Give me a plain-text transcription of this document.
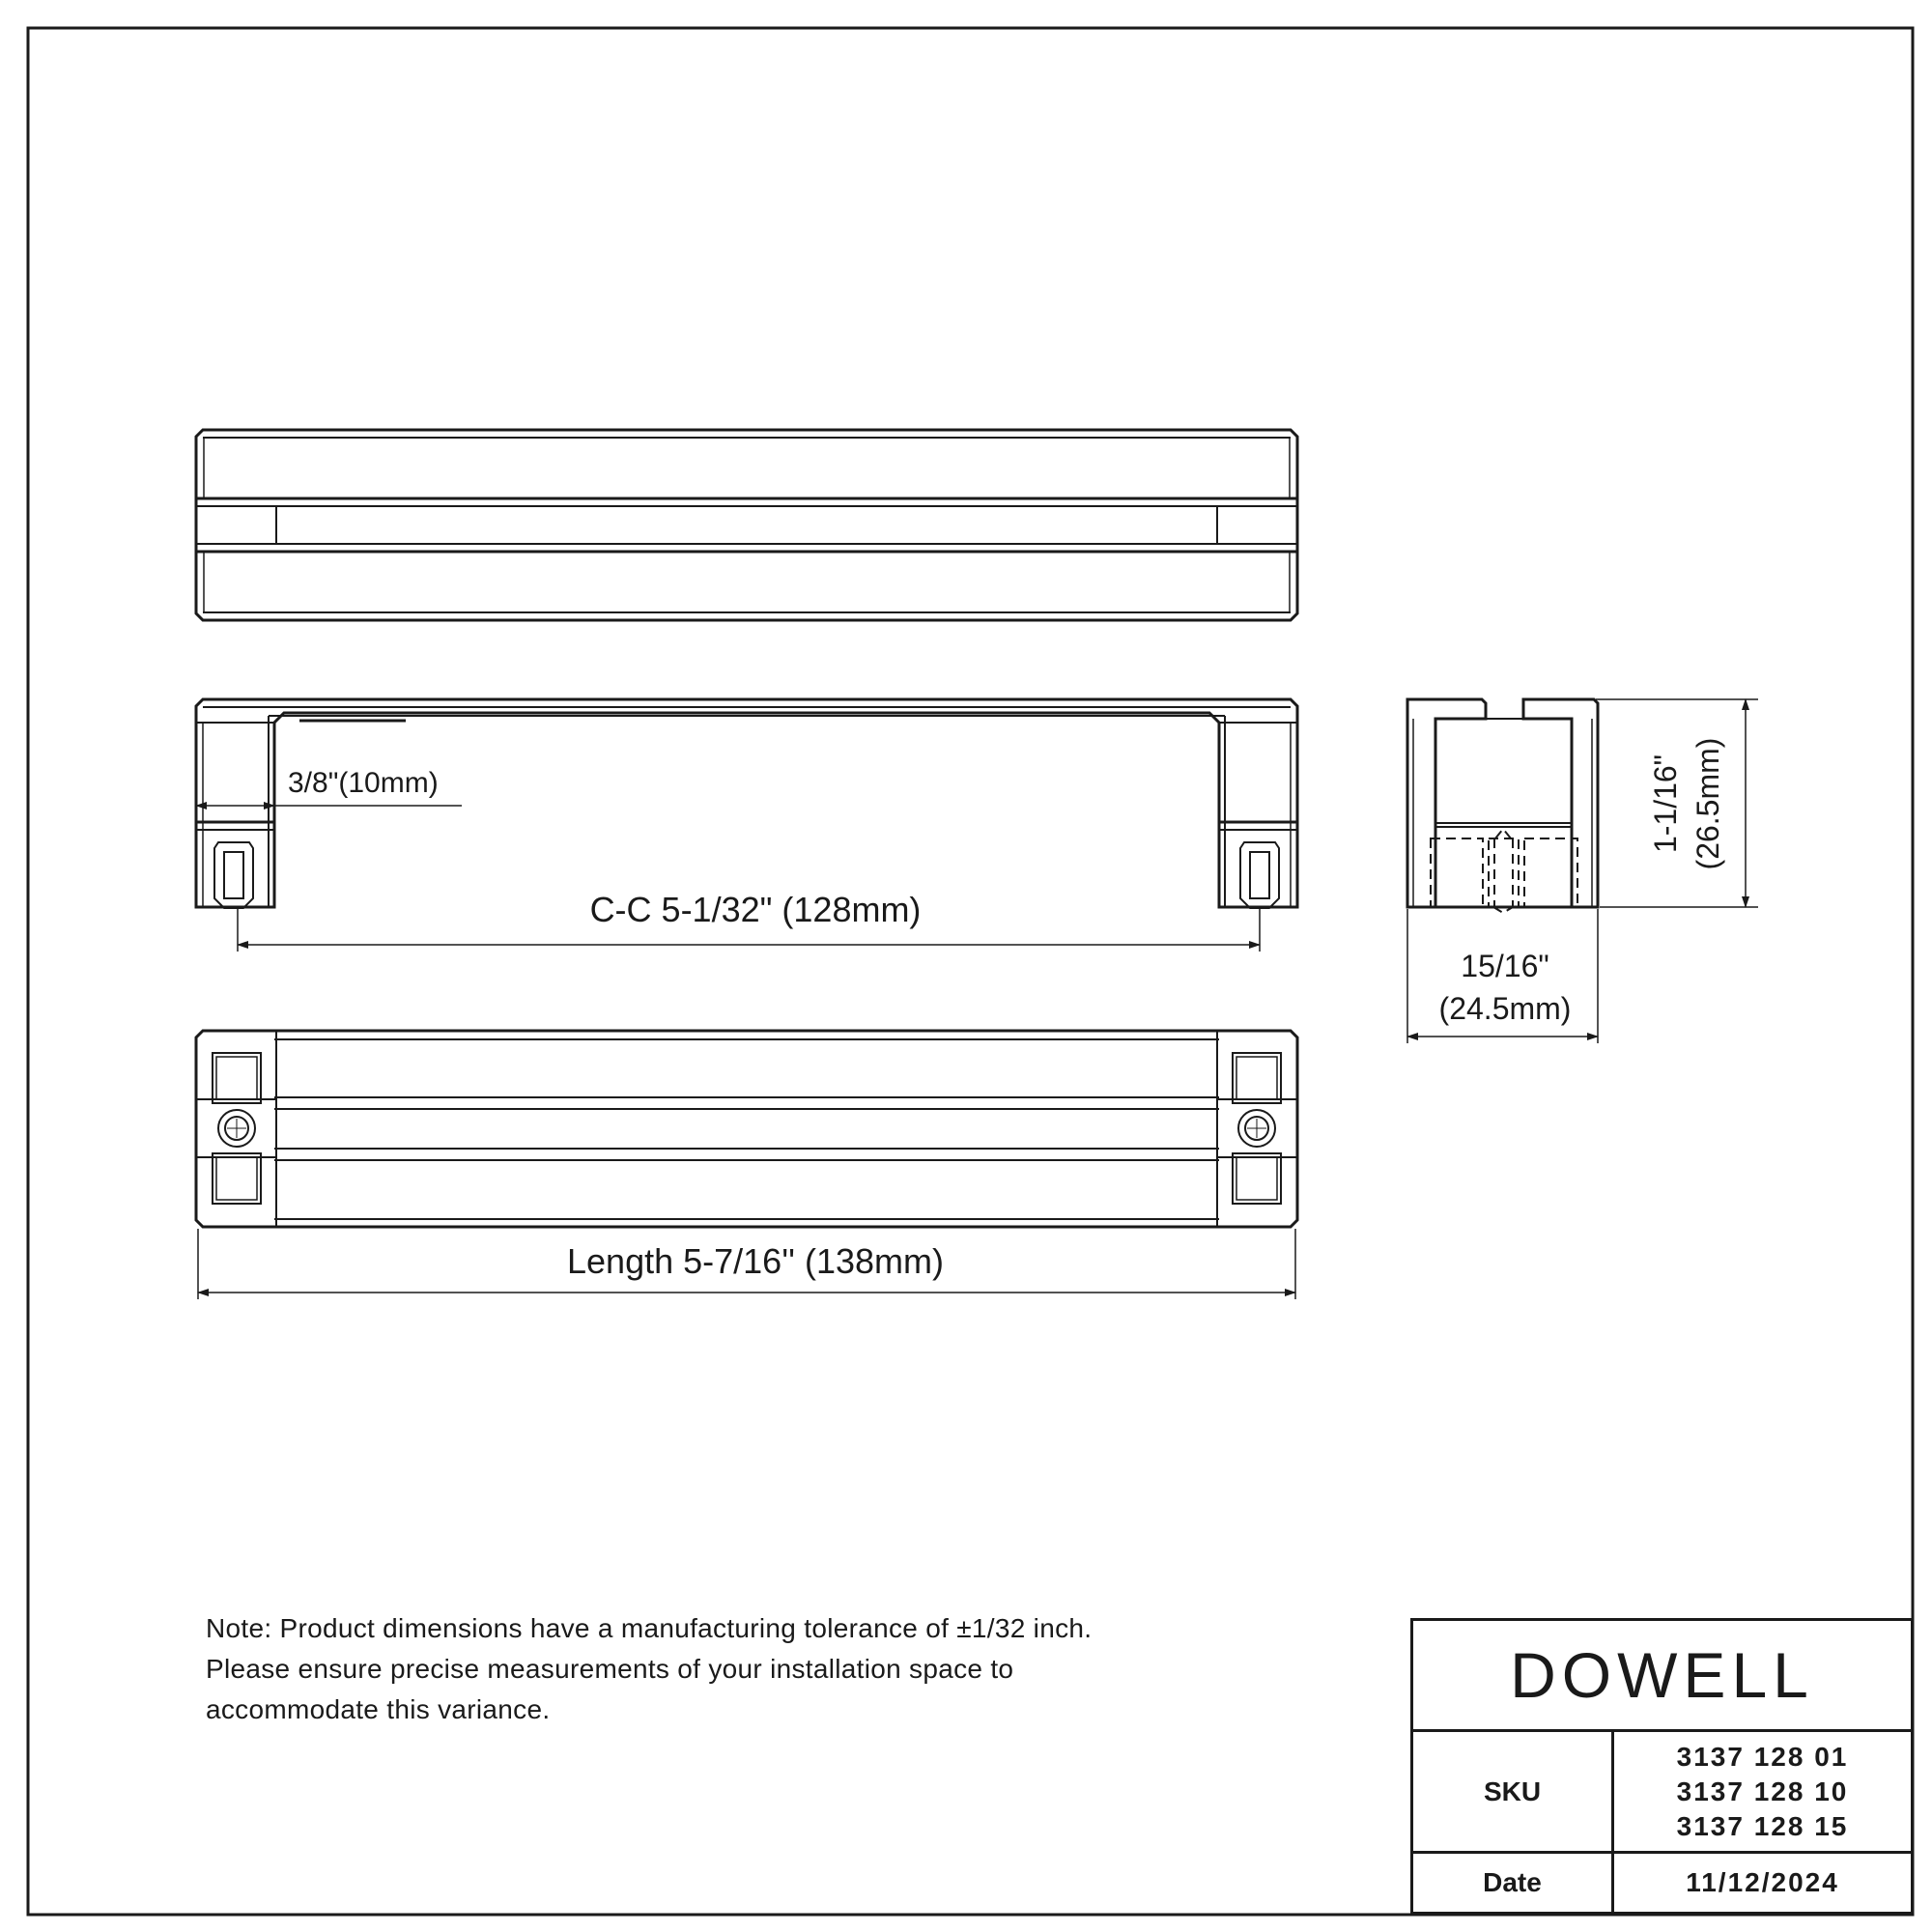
3/8"(10mm)
C-C 5-1/32" (128mm)
Length 5-7/16'' (138mm)
15/16"
(24.5mm)
1-1/16" (26.5mm)
Note: Product dimensions have a manufacturing tolerance of ±1/32 inch.
Please ensure precise measurements of your installation space to
accommodate this variance.	DOWELL
SKU
3137 128 01
3137 128 10
3137 128 15
Date	11/12/2024
